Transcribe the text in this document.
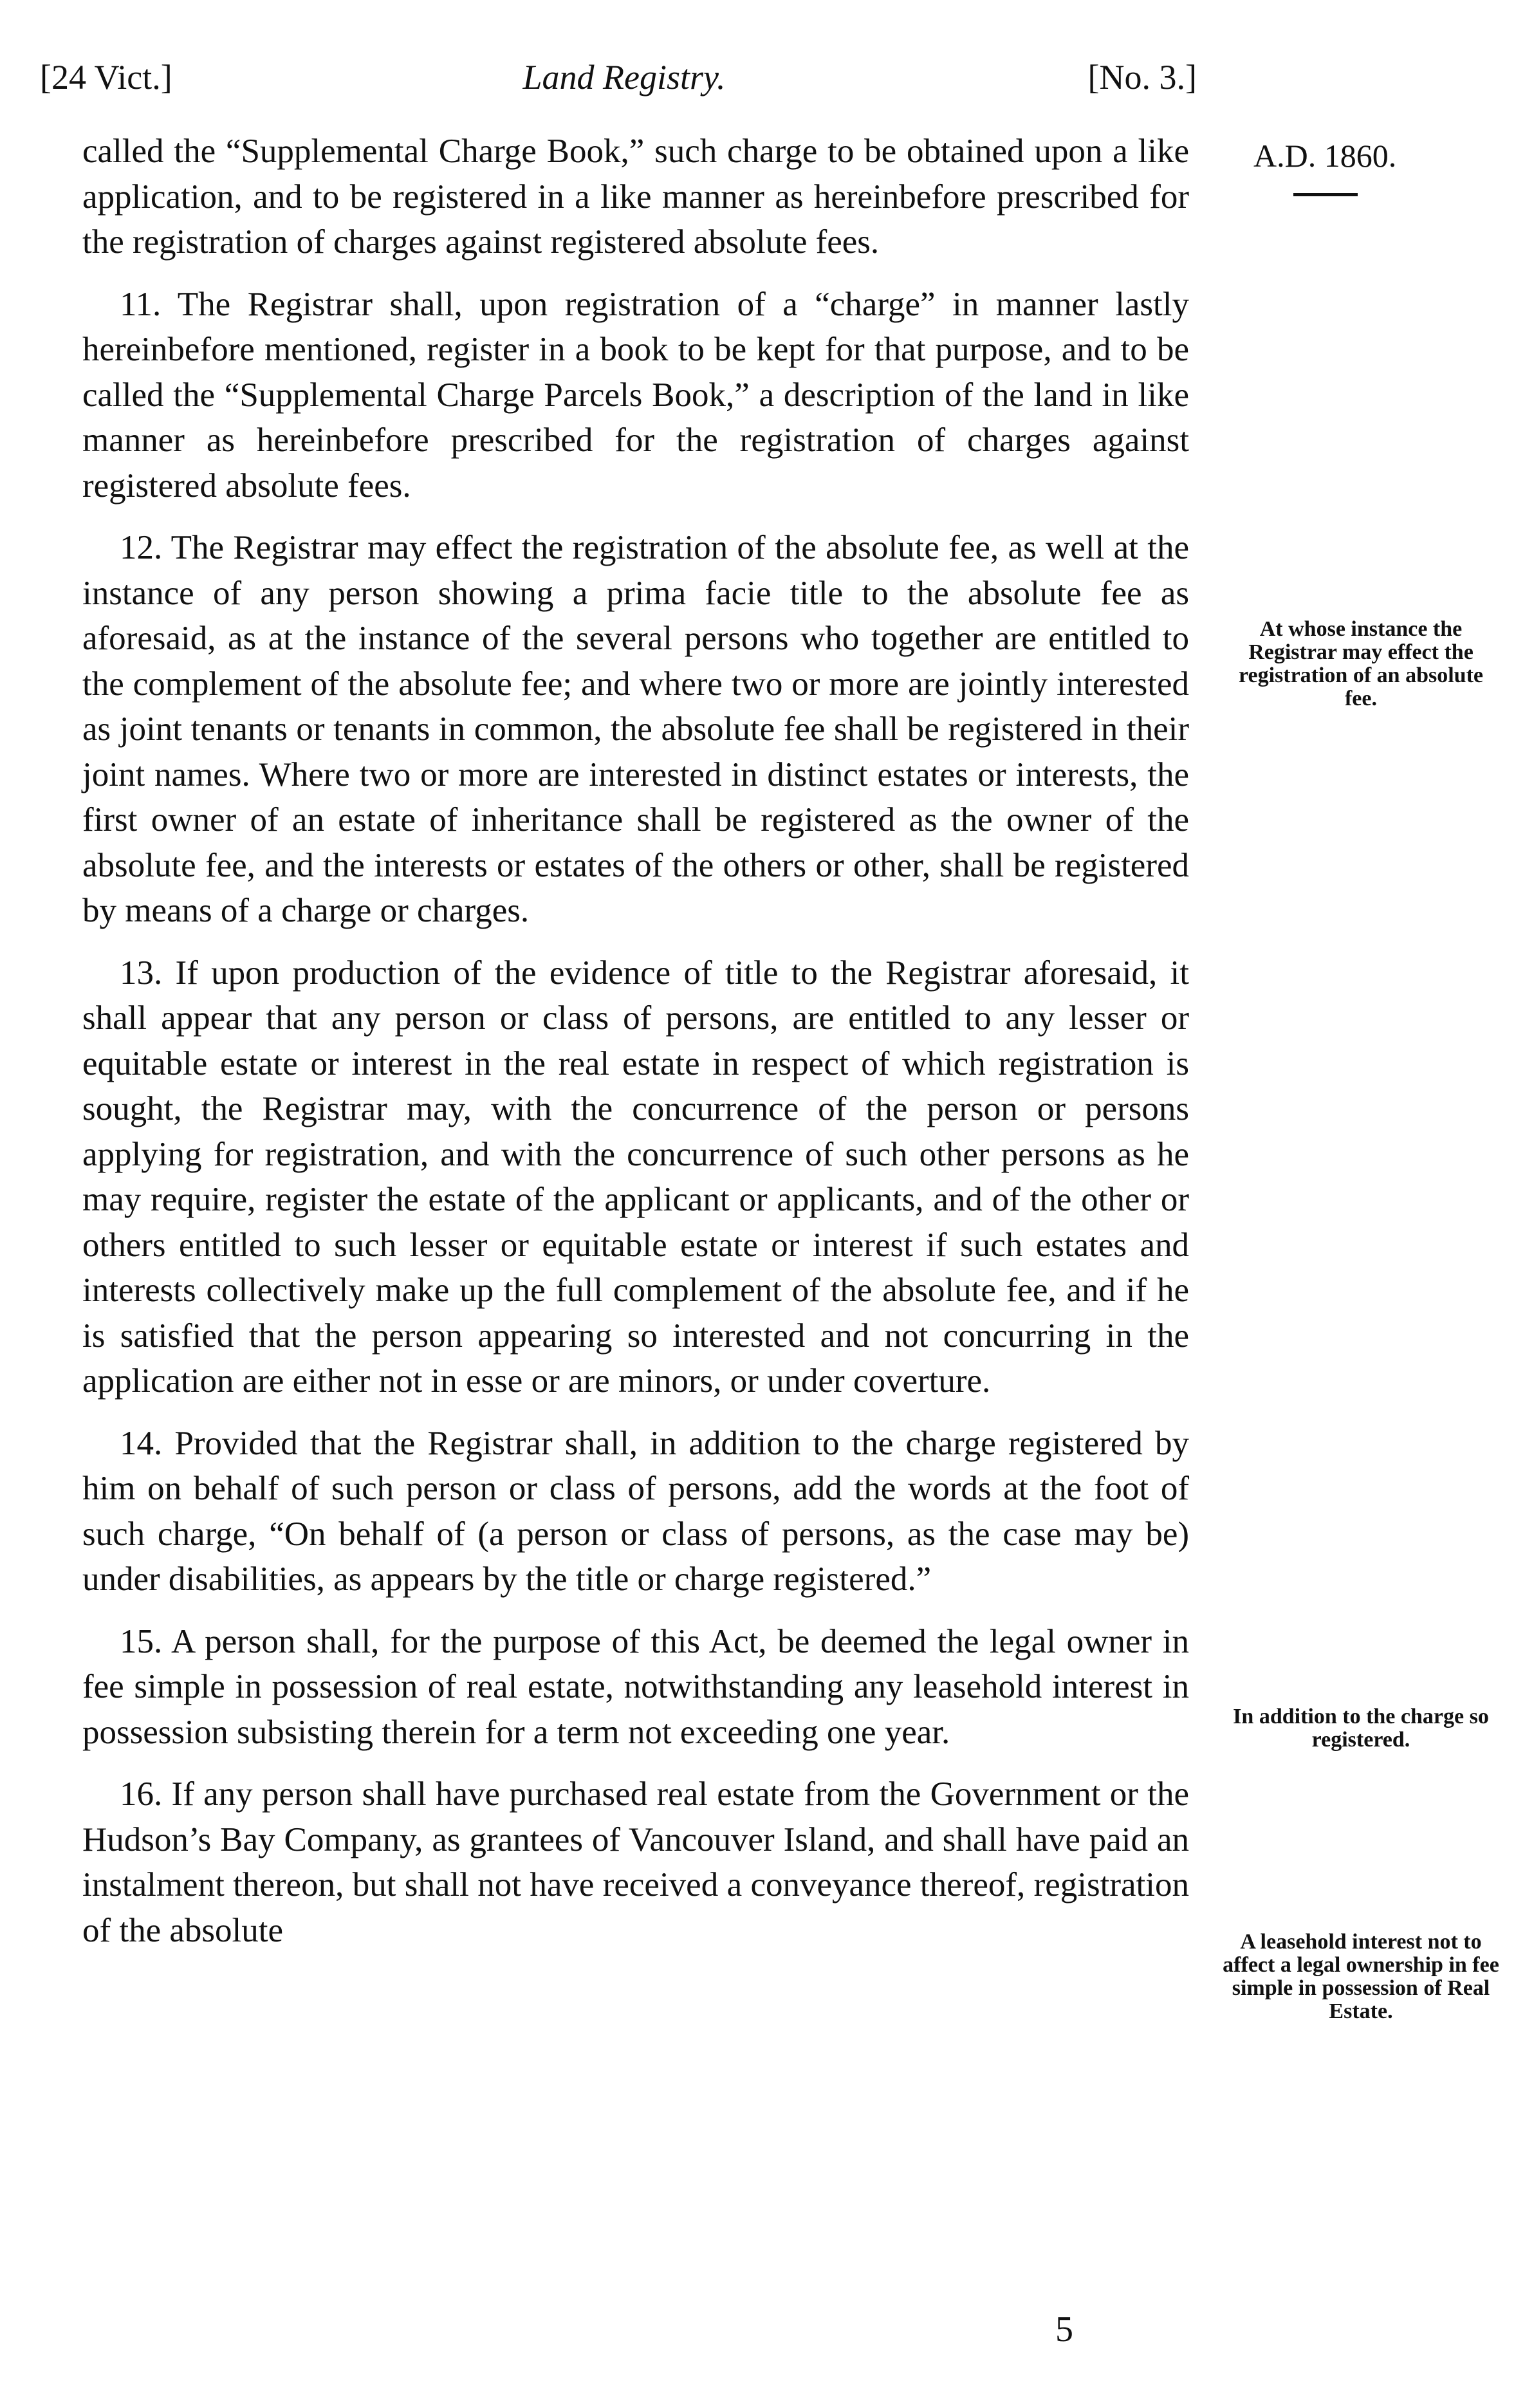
[24 Vict.]	Land Registry.	[No. 3.]
A.D. 1860.

called the “Supplemental Charge Book,” such charge to be obtained upon a like application, and to be registered in a like manner as hereinbefore prescribed for the registration of charges against registered absolute fees.

11. The Registrar shall, upon registration of a “charge” in manner lastly hereinbefore mentioned, register in a book to be kept for that purpose, and to be called the “Supplemental Charge Parcels Book,” a description of the land in like manner as hereinbefore prescribed for the registration of charges against registered absolute fees.

12. The Registrar may effect the registration of the absolute fee, as well at the instance of any person showing a prima facie title to the absolute fee as aforesaid, as at the instance of the several persons who together are entitled to the complement of the absolute fee; and where two or more are jointly interested as joint tenants or tenants in common, the absolute fee shall be registered in their joint names. Where two or more are interested in distinct estates or interests, the first owner of an estate of inheritance shall be registered as the owner of the absolute fee, and the interests or estates of the others or other, shall be registered by means of a charge or charges.

13. If upon production of the evidence of title to the Registrar aforesaid, it shall appear that any person or class of persons, are entitled to any lesser or equitable estate or interest in the real estate in respect of which registration is sought, the Registrar may, with the concurrence of the person or persons applying for registration, and with the concurrence of such other persons as he may require, register the estate of the applicant or applicants, and of the other or others entitled to such lesser or equitable estate or interest if such estates and interests collectively make up the full complement of the absolute fee, and if he is satisfied that the person appearing so interested and not concurring in the application are either not in esse or are minors, or under coverture.

14. Provided that the Registrar shall, in addition to the charge registered by him on behalf of such person or class of persons, add the words at the foot of such charge, “On behalf of (a person or class of persons, as the case may be) under disabilities, as appears by the title or charge registered.”

15. A person shall, for the purpose of this Act, be deemed the legal owner in fee simple in possession of real estate, notwithstanding any leasehold interest in possession subsisting therein for a term not exceeding one year.

16. If any person shall have purchased real estate from the Government or the Hudson’s Bay Company, as grantees of Vancouver Island, and shall have paid an instalment thereon, but shall not have received a conveyance thereof, registration of the absolute

At whose instance the Registrar may effect the registration of an absolute fee.
In addition to the charge so registered.
A leasehold interest not to affect a legal ownership in fee simple in possession of Real Estate.
5
